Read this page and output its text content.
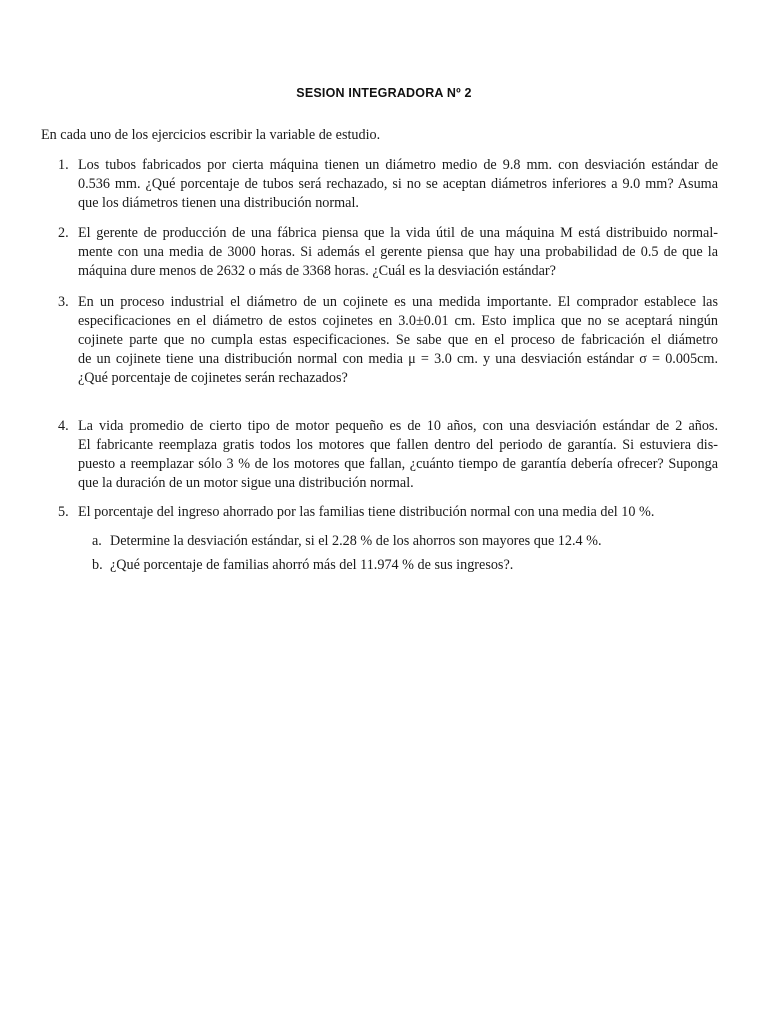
SESION INTEGRADORA Nº 2
En cada uno de los ejercicios escribir la variable de estudio.
1. Los tubos fabricados por cierta máquina tienen un diámetro medio de 9.8 mm. con desviación estándar de
0.536 mm. ¿Qué porcentaje de tubos será rechazado, si no se aceptan diámetros inferiores a 9.0 mm? Asuma
que los diámetros tienen una distribución normal.
2. El gerente de producción de una fábrica piensa que la vida útil de una máquina M está distribuido normal-
mente con una media de 3000 horas. Si además el gerente piensa que hay una probabilidad de 0.5 de que la
máquina dure menos de 2632 o más de 3368 horas. ¿Cuál es la desviación estándar?
3. En un proceso industrial el diámetro de un cojinete es una medida importante. El comprador establece las
especificaciones en el diámetro de estos cojinetes en 3.0±0.01 cm. Esto implica que no se aceptará ningún
cojinete parte que no cumpla estas especificaciones. Se sabe que en el proceso de fabricación el diámetro
de un cojinete tiene una distribución normal con media μ = 3.0 cm. y una desviación estándar σ = 0.005cm.
¿Qué porcentaje de cojinetes serán rechazados?
4. La vida promedio de cierto tipo de motor pequeño es de 10 años, con una desviación estándar de 2 años.
El fabricante reemplaza gratis todos los motores que fallen dentro del periodo de garantía. Si estuviera dis-
puesto a reemplazar sólo 3 % de los motores que fallan, ¿cuánto tiempo de garantía debería ofrecer? Suponga
que la duración de un motor sigue una distribución normal.
5. El porcentaje del ingreso ahorrado por las familias tiene distribución normal con una media del 10 %.
a. Determine la desviación estándar, si el 2.28 % de los ahorros son mayores que 12.4 %.
b. ¿Qué porcentaje de familias ahorró más del 11.974 % de sus ingresos?.
